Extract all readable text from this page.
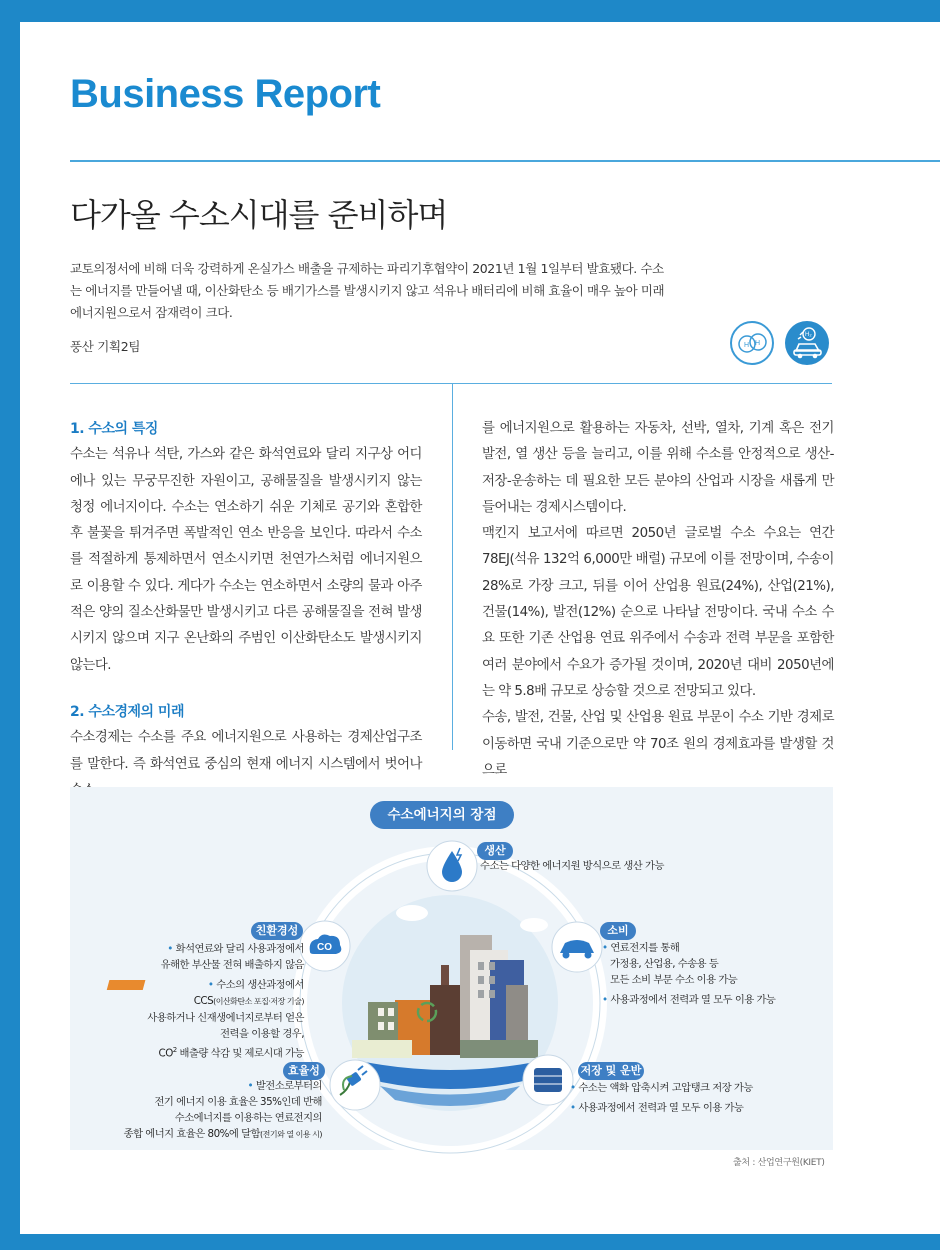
Business Report
다가올 수소시대를 준비하며

교토의정서에 비해 더욱 강력하게 온실가스 배출을 규제하는 파리기후협약이 2021년 1월 1일부터 발효됐다. 수소는 에너지를 만들어낼 때, 이산화탄소 등 배기가스를 발생시키지 않고 석유나 배터리에 비해 효율이 매우 높아 미래 에너지원으로서 잠재력이 크다.

풍산 기획2팀	H H
H₂
1. 수소의 특징

수소는 석유나 석탄, 가스와 같은 화석연료와 달리 지구상 어디에나 있는 무궁무진한 자원이고, 공해물질을 발생시키지 않는 청정 에너지이다. 수소는 연소하기 쉬운 기체로 공기와 혼합한 후 불꽃을 튀겨주면 폭발적인 연소 반응을 보인다. 따라서 수소를 적절하게 통제하면서 연소시키면 천연가스처럼 에너지원으로 이용할 수 있다. 게다가 수소는 연소하면서 소량의 물과 아주 적은 양의 질소산화물만 발생시키고 다른 공해물질을 전혀 발생시키지 않으며 지구 온난화의 주범인 이산화탄소도 발생시키지 않는다.

2. 수소경제의 미래

수소경제는 수소를 주요 에너지원으로 사용하는 경제산업구조를 말한다. 즉 화석연료 중심의 현재 에너지 시스템에서 벗어나

를 에너지원으로 활용하는 자동차, 선박, 열차, 기계 혹은 전기발전, 열 생산 등을 늘리고, 이를 위해 수소를 안정적으로 생산-저장-운송하는 데 필요한 모든 분야의 산업과 시장을 새롭게 만들어내는 경제시스템이다.

맥킨지 보고서에 따르면 2050년 글로벌 수소 수요는 연간 78EJ(석유 132억 6,000만 배럴) 규모에 이를 전망이며, 수송이 28%로 가장 크고, 뒤를 이어 산업용 원료(24%), 산업(21%), 건물(14%), 발전(12%) 순으로 나타날 전망이다. 국내 수소 수요 또한 기존 산업용 연료 위주에서 수송과 전력 부문을 포함한 여러 분야에서 수요가 증가될 것이며, 2020년 대비 2050년에는 약 5.8배 규모로 상승할 것으로 전망되고 있다.

수송, 발전, 건물, 산업 및 산업용 원료 부문이 수소 기반 경제로 이동하면 국내 기준으로만 약 70조 원의 경제효과를 발생할 것으로

CO
수소에너지의 장점
생산
수소는 다양한 에너지원 방식으로 생산 가능
소비
• 연료전지를 통해
가정용, 산업용, 수송용 등
모든 소비 부문 수소 이용 가능
• 사용과정에서 전력과 열 모두 이용 가능
저장 및 운반
• 수소는 액화 압축시켜 고압탱크 저장 가능
• 사용과정에서 전력과 열 모두 이용 가능
친환경성
• 화석연료와 달리 사용과정에서
유해한 부산물 전혀 배출하지 않음
• 수소의 생산과정에서
CCS(이산화탄소 포집·저장 기술)
사용하거나 신재생에너지로부터 얻은
전력을 이용할 경우,
$CO^2$ 배출량 삭감 및 제로시대 가능
효율성
• 발전소로부터의
전기 에너지 이용 효율은 35%인데 반해
수소에너지를 이용하는 연료전지의
종합 에너지 효율은 80%에 달함(전기와 열 이용 시)
출처 : 산업연구원(KIET)
